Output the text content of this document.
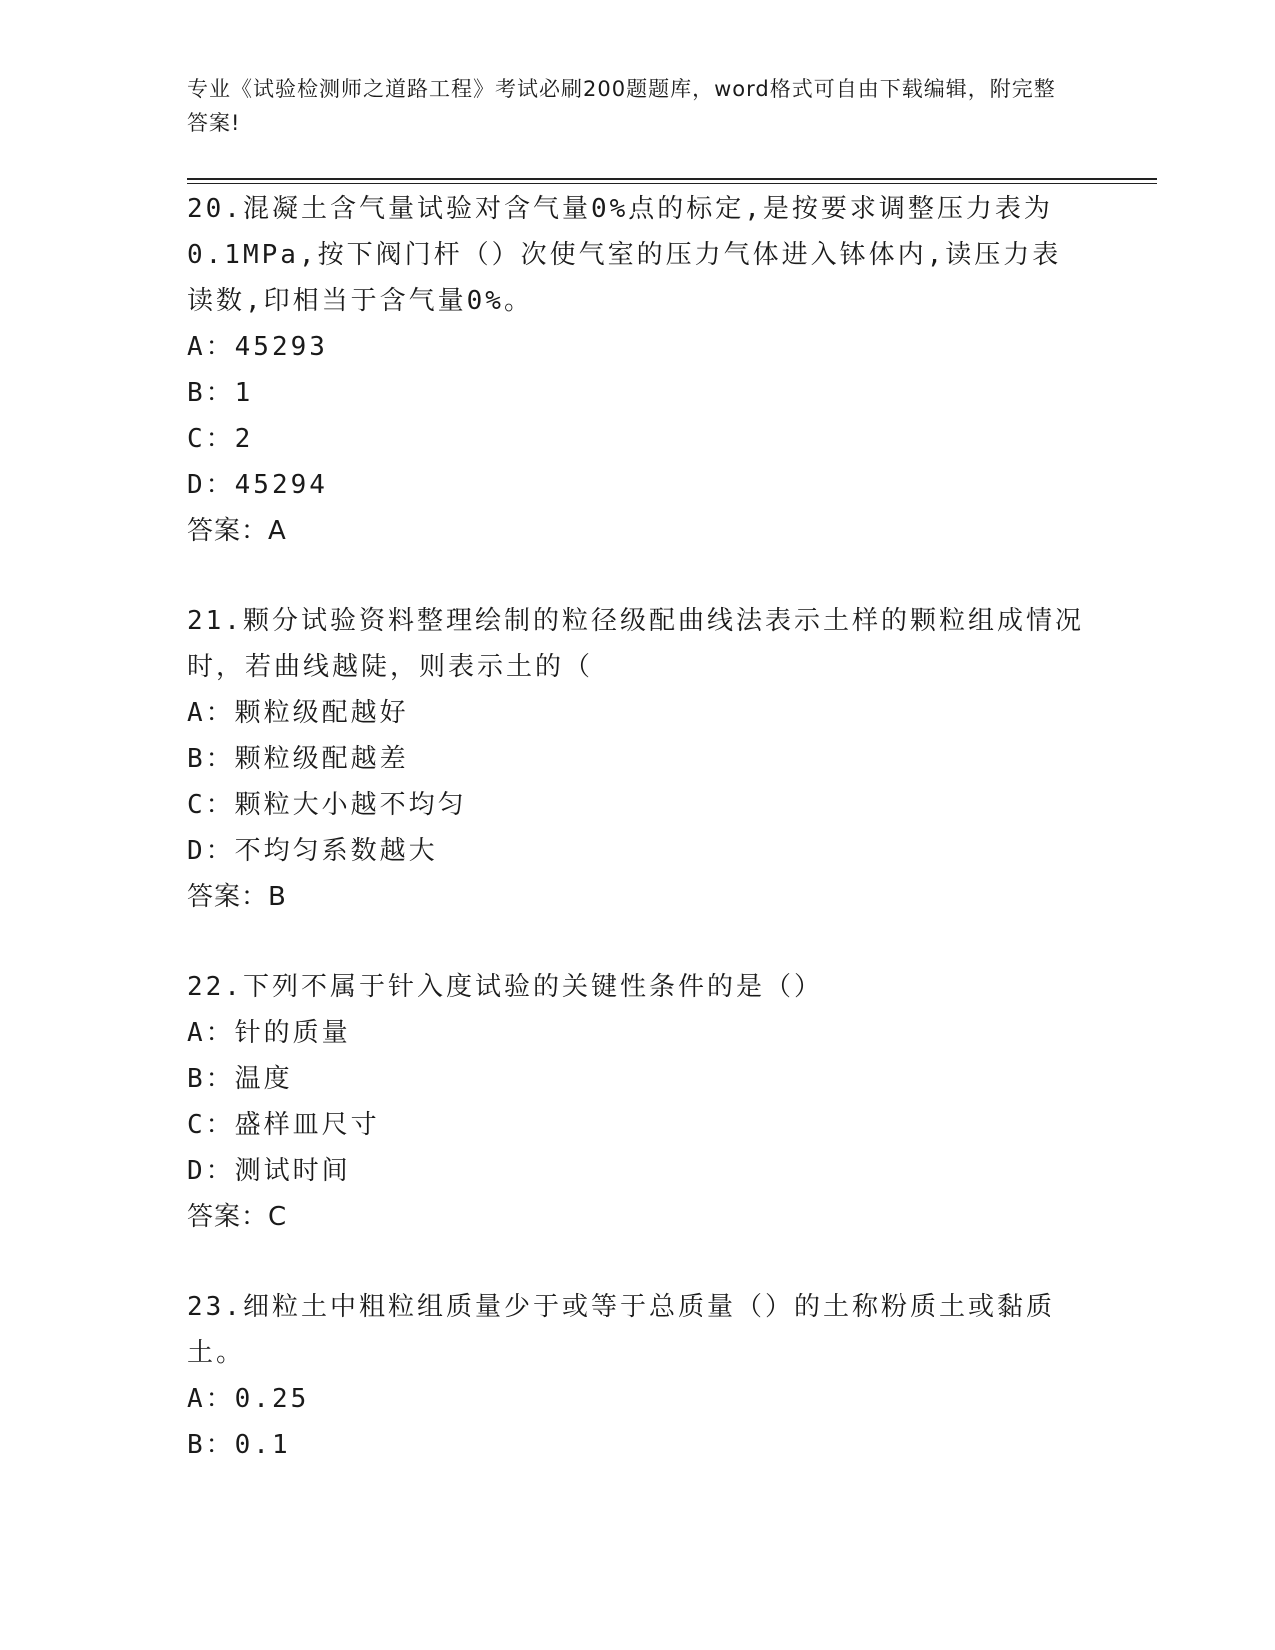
专业《试验检测师之道路工程》考试必刷200题题库，word格式可自由下载编辑，附完整答案!
20.混凝土含气量试验对含气量0%点的标定,是按要求调整压力表为0.1MPa,按下阀门杆（）次使气室的压力气体进入钵体内,读压力表读数,印相当于含气量0%。
A：45293
B：1
C：2
D：45294
答案：A
21.颗分试验资料整理绘制的粒径级配曲线法表示土样的颗粒组成情况时，若曲线越陡，则表示土的（
A：颗粒级配越好
B：颗粒级配越差
C：颗粒大小越不均匀
D：不均匀系数越大
答案：B
22.下列不属于针入度试验的关键性条件的是（）
A：针的质量
B：温度
C：盛样皿尺寸
D：测试时间
答案：C
23.细粒土中粗粒组质量少于或等于总质量（）的土称粉质土或黏质土。
A：0.25
B：0.1
